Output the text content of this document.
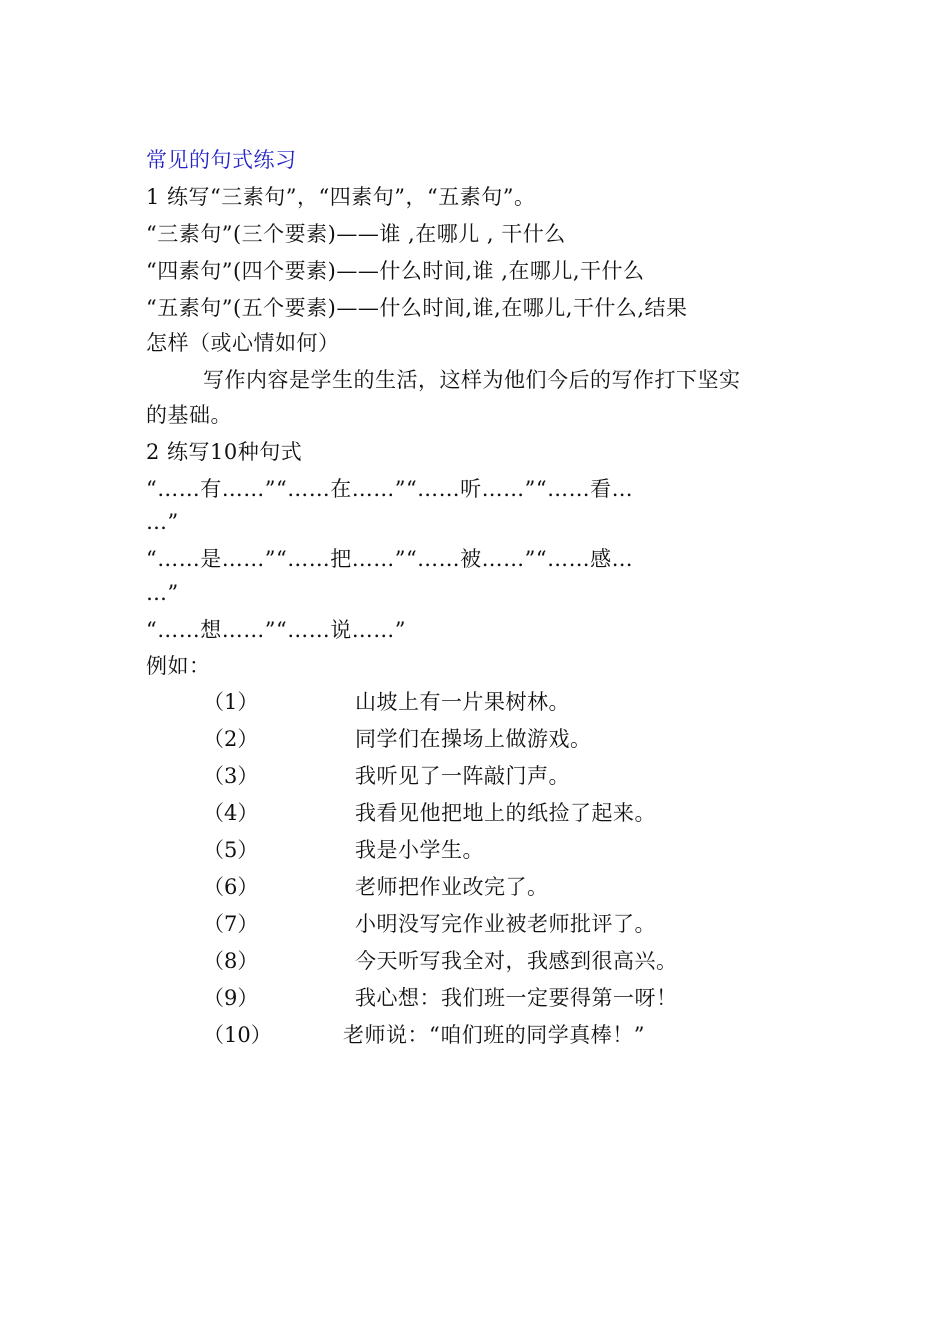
常见的句式练习
1 练写“三素句”，“四素句”，“五素句”。
“三素句”(三个要素)——谁 ,在哪儿 , 干什么
“四素句”(四个要素)——什么时间,谁 ,在哪儿,干什么
“五素句”(五个要素)——什么时间,谁,在哪儿,干什么,结果
怎样（或心情如何）
写作内容是学生的生活，这样为他们今后的写作打下坚实
的基础。
2 练写10种句式
“……有……”“……在……”“……听……”“……看…
…”
“……是……”“……把……”“……被……”“……感…
…”
“……想……”“……说……”
例如：
（1）	山坡上有一片果树林。
（2）	同学们在操场上做游戏。
（3）	我听见了一阵敲门声。
（4）	我看见他把地上的纸捡了起来。
（5）	我是小学生。
（6）	老师把作业改完了。
（7）	小明没写完作业被老师批评了。
（8）	今天听写我全对，我感到很高兴。
（9）	我心想：我们班一定要得第一呀！
（10）	老师说：“咱们班的同学真棒！”
